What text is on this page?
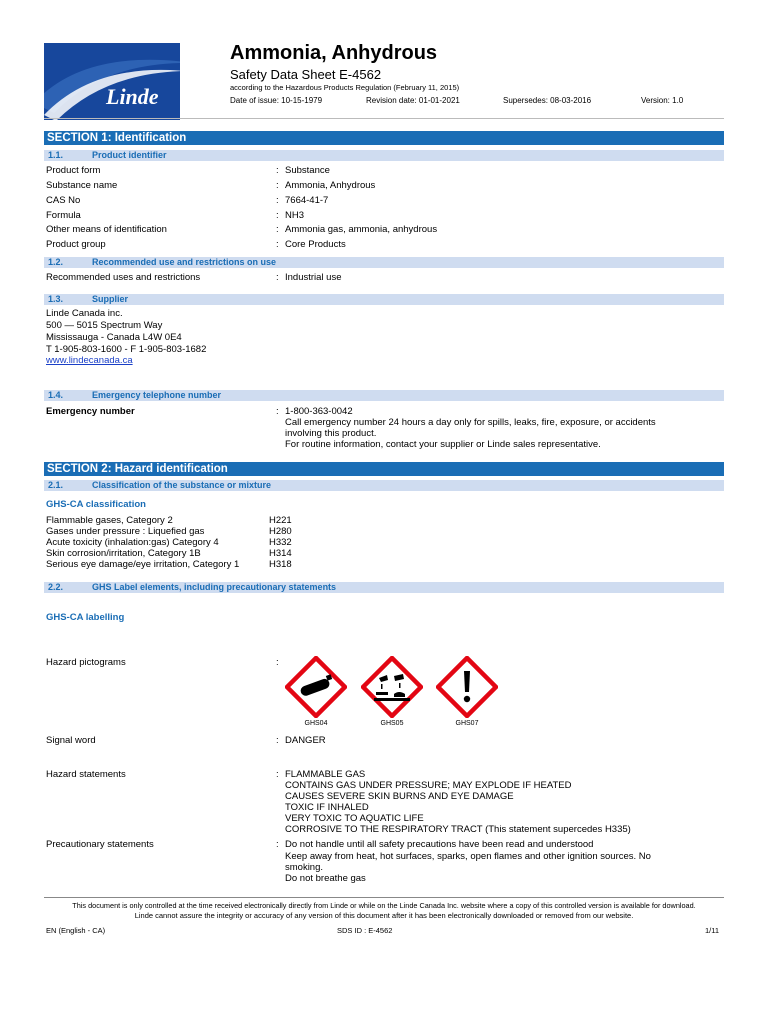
Linde
Ammonia, Anhydrous
Safety Data Sheet E-4562
according to the Hazardous Products Regulation (February 11, 2015)
Date of issue: 10-15-1979	Revision date: 01-01-2021	Supersedes: 08-03-2016	Version: 1.0
SECTION 1: Identification
1.1.	Product identifier
Product form	: Substance
Substance name	: Ammonia, Anhydrous
CAS No	: 7664-41-7
Formula	: NH3
Other means of identification	: Ammonia gas, ammonia, anhydrous
Product group	: Core Products
1.2.	Recommended use and restrictions on use
Recommended uses and restrictions	: Industrial use
1.3.	Supplier
Linde Canada inc.
500 — 5015 Spectrum Way
Mississauga - Canada L4W 0E4
T 1-905-803-1600 - F 1-905-803-1682
www.lindecanada.ca
1.4.	Emergency telephone number
Emergency number	: 1-800-363-0042
Call emergency number 24 hours a day only for spills, leaks, fire, exposure, or accidents
involving this product.
For routine information, contact your supplier or Linde sales representative.
SECTION 2: Hazard identification
2.1.	Classification of the substance or mixture
GHS-CA classification
Flammable gases, Category 2	H221
Gases under pressure : Liquefied gas	H280
Acute toxicity (inhalation:gas) Category 4	H332
Skin corrosion/irritation, Category 1B	H314
Serious eye damage/eye irritation, Category 1	H318
2.2.	GHS Label elements, including precautionary statements
GHS-CA labelling
Hazard pictograms	:
GHS04	GHS05	GHS07
Signal word	: DANGER
Hazard statements	: FLAMMABLE GAS
CONTAINS GAS UNDER PRESSURE; MAY EXPLODE IF HEATED
CAUSES SEVERE SKIN BURNS AND EYE DAMAGE
TOXIC IF INHALED
VERY TOXIC TO AQUATIC LIFE
CORROSIVE TO THE RESPIRATORY TRACT (This statement supercedes H335)
Precautionary statements	: Do not handle until all safety precautions have been read and understood
Keep away from heat, hot surfaces, sparks, open flames and other ignition sources. No
smoking.
Do not breathe gas
This document is only controlled at the time received electronically directly from Linde or while on the Linde Canada Inc. website where a copy of this controlled version is available for download.
Linde cannot assure the integrity or accuracy of any version of this document after it has been electronically downloaded or removed from our website.
EN (English - CA)	SDS ID : E-4562	1/11
